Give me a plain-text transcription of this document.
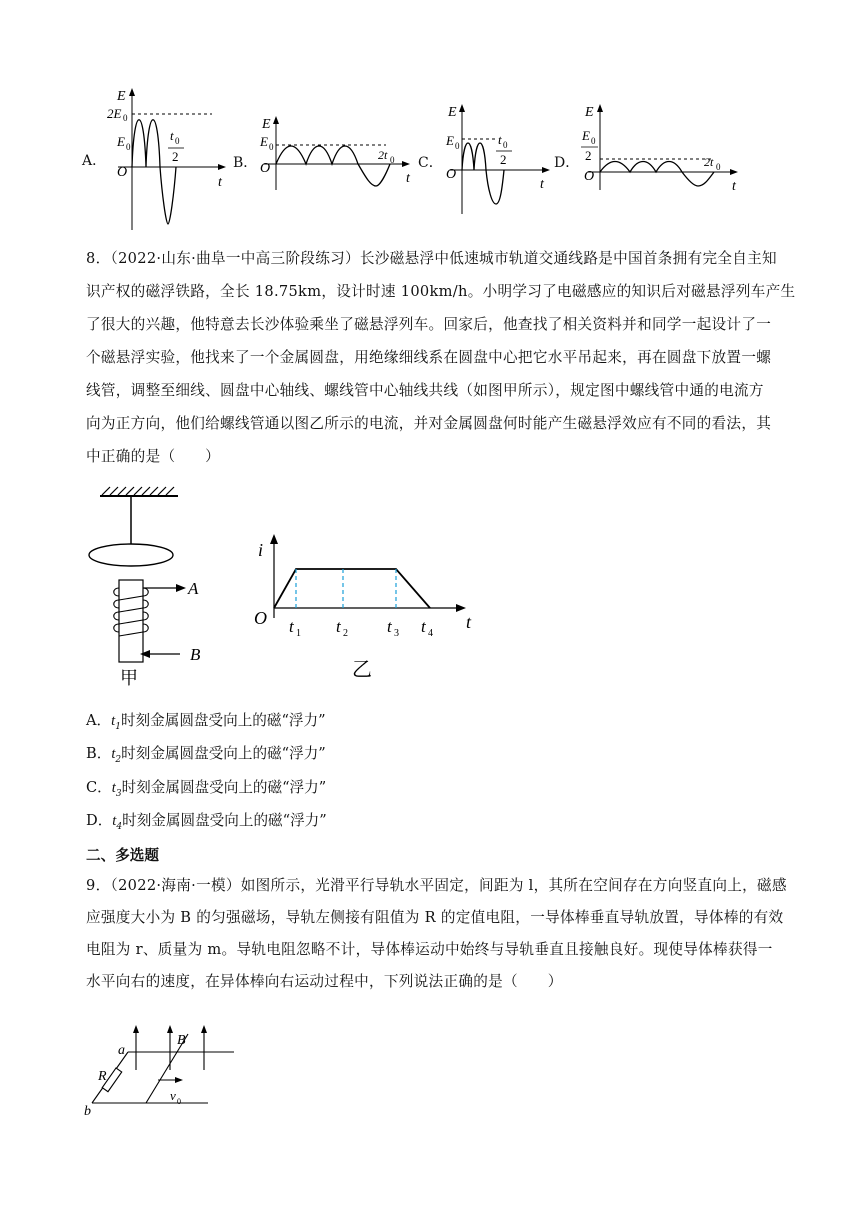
A．
E
2E 0
E 0
t 0
2
O
t
B．
E
E 0
2t 0
O
t
C．
E
E 0	t 0
2
O
t
D．
E
E 0
2	2t 0
O
t
8．（2022·山东·曲阜一中高三阶段练习）长沙磁悬浮中低速城市轨道交通线路是中国首条拥有完全自主知
识产权的磁浮铁路，全长 18.75km，设计时速 100km/h。小明学习了电磁感应的知识后对磁悬浮列车产生
了很大的兴趣，他特意去长沙体验乘坐了磁悬浮列车。回家后，他查找了相关资料并和同学一起设计了一
个磁悬浮实验，他找来了一个金属圆盘，用绝缘细线系在圆盘中心把它水平吊起来，再在圆盘下放置一螺
线管，调整至细线、圆盘中心轴线、螺线管中心轴线共线（如图甲所示），规定图中螺线管中通的电流方
向为正方向，他们给螺线管通以图乙所示的电流，并对金属圆盘何时能产生磁悬浮效应有不同的看法，其
中正确的是（　　）
A
B
甲
i
O	t
t 1 t 2 t 3 t 4
乙
A．$t_1$时刻金属圆盘受向上的磁“浮力”
B．$t_2$时刻金属圆盘受向上的磁“浮力”
C．$t_3$时刻金属圆盘受向上的磁“浮力”
D．$t_4$时刻金属圆盘受向上的磁“浮力”
二、多选题
9．（2022·海南·一模）如图所示，光滑平行导轨水平固定，间距为 l，其所在空间存在方向竖直向上，磁感
应强度大小为 B 的匀强磁场，导轨左侧接有阻值为 R 的定值电阻，一导体棒垂直导轨放置，导体棒的有效
电阻为 r、质量为 m。导轨电阻忽略不计，导体棒运动中始终与导轨垂直且接触良好。现使导体棒获得一
水平向右的速度，在异体棒向右运动过程中，下列说法正确的是（　　）
a
b
R
B
v 0
